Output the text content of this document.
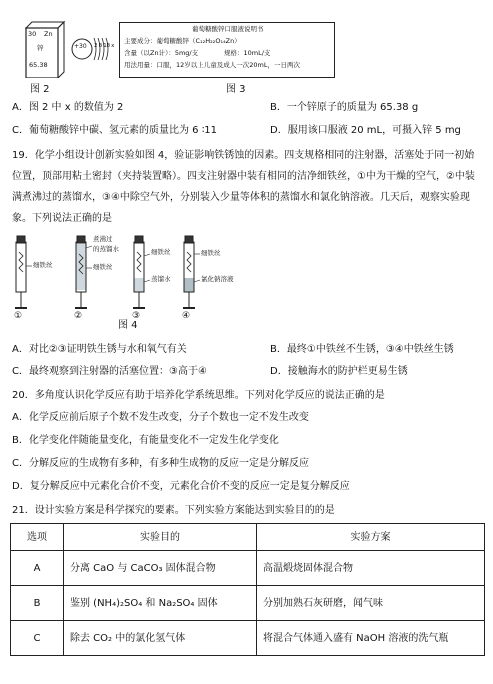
30 Zn
锌
65.38
+30 2 8 18 x
图 2
葡萄糖酸锌口服液说明书
主要成分：葡萄糖酸锌（C₁₂H₂₂O₁₄Zn）
含量（以Zn计）：5mg/支	规格：10mL/支
用法用量：口服，12岁以上儿童及成人一次20mL，一日两次
图 3
A．图 2 中 x 的数值为 2	B．一个锌原子的质量为 65.38 g
C．葡萄糖酸锌中碳、氢元素的质量比为 6 ∶11	D．服用该口服液 20 mL，可摄入锌 5 mg
19．化学小组设计创新实验如图 4，验证影响铁锈蚀的因素。四支规格相同的注射器，活塞处于同一初始位置，顶部用粘土密封（夹持装置略）。四支注射器中装有相同的洁净细铁丝，①中为干燥的空气，②中装满煮沸过的蒸馏水，③④中除空气外，分别装入少量等体积的蒸馏水和氯化钠溶液。几天后，观察实验现象。下列说法正确的是
细铁丝
煮沸过
的蒸馏水
细铁丝
细铁丝
蒸馏水
细铁丝
氯化钠溶液
①	②	③	④
图 4
A．对比②③证明铁生锈与水和氧气有关	B．最终①中铁丝不生锈，③④中铁丝生锈
C．最终观察到注射器的活塞位置：③高于④	D．接触海水的防护栏更易生锈
20．多角度认识化学反应有助于培养化学系统思维。下列对化学反应的说法正确的是
A．化学反应前后原子个数不发生改变，分子个数也一定不发生改变
B．化学变化伴随能量变化，有能量变化不一定发生化学变化
C．分解反应的生成物有多种，有多种生成物的反应一定是分解反应
D．复分解反应中元素化合价不变，元素化合价不变的反应一定是复分解反应
21．设计实验方案是科学探究的要素。下列实验方案能达到实验目的的是
选项	实验目的	实验方案
A	分离 CaO 与 CaCO₃ 固体混合物	高温煅烧固体混合物
B	鉴别 (NH₄)₂SO₄ 和 Na₂SO₄ 固体	分别加熟石灰研磨，闻气味
C	除去 CO₂ 中的氯化氢气体	将混合气体通入盛有 NaOH 溶液的洗气瓶
